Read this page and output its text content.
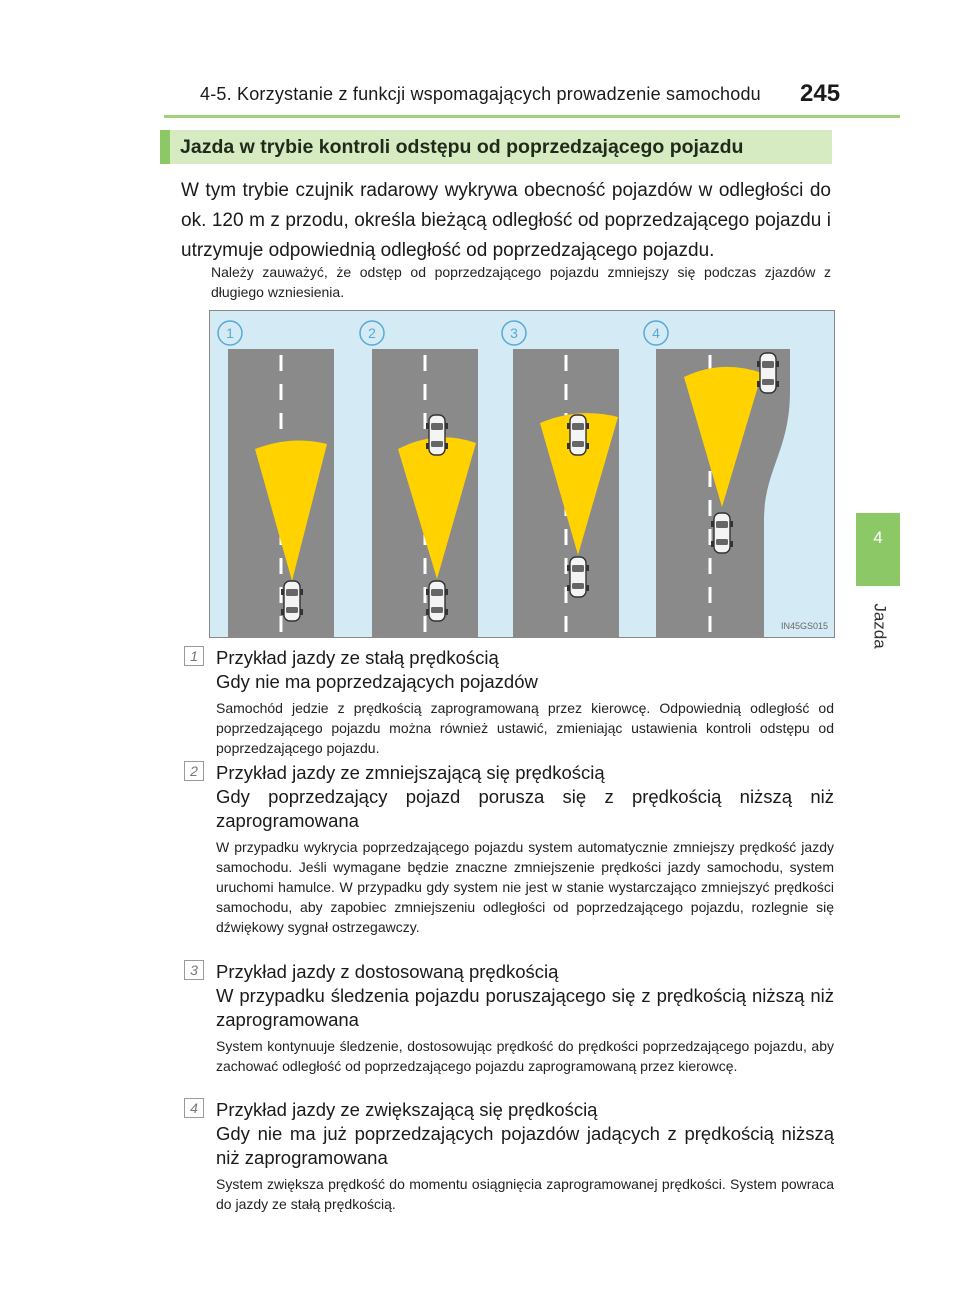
4-5. Korzystanie z funkcji wspomagających prowadzenie samochodu 245
4
Jazda
Jazda w trybie kontroli odstępu od poprzedzającego pojazdu
W tym trybie czujnik radarowy wykrywa obecność pojazdów w odległości do ok. 120 m z przodu, określa bieżącą odległość od poprzedzającego pojazdu i utrzymuje odpowiednią odległość od poprzedzającego pojazdu.
Należy zauważyć, że odstęp od poprzedzającego pojazdu zmniejszy się podczas zjazdów z długiego wzniesienia.
1	2	3	4
IN45GS015
1 Przykład jazdy ze stałą prędkością
Gdy nie ma poprzedzających pojazdów
Samochód jedzie z prędkością zaprogramowaną przez kierowcę. Odpowiednią odległość od poprzedzającego pojazdu można również ustawić, zmieniając ustawienia kontroli odstępu od poprzedzającego pojazdu.
2 Przykład jazdy ze zmniejszającą się prędkością
Gdy poprzedzający pojazd porusza się z prędkością niższą niż zaprogramowana
W przypadku wykrycia poprzedzającego pojazdu system automatycznie zmniejszy prędkość jazdy samochodu. Jeśli wymagane będzie znaczne zmniejszenie prędkości jazdy samochodu, system uruchomi hamulce. W przypadku gdy system nie jest w stanie wystarczająco zmniejszyć prędkości samochodu, aby zapobiec zmniejszeniu odległości od poprzedzającego pojazdu, rozlegnie się dźwiękowy sygnał ostrzegawczy.
3 Przykład jazdy z dostosowaną prędkością
W przypadku śledzenia pojazdu poruszającego się z prędkością niższą niż zaprogramowana
System kontynuuje śledzenie, dostosowując prędkość do prędkości poprzedzającego pojazdu, aby zachować odległość od poprzedzającego pojazdu zaprogramowaną przez kierowcę.
4 Przykład jazdy ze zwiększającą się prędkością
Gdy nie ma już poprzedzających pojazdów jadących z prędkością niższą niż zaprogramowana
System zwiększa prędkość do momentu osiągnięcia zaprogramowanej prędkości. System powraca do jazdy ze stałą prędkością.
